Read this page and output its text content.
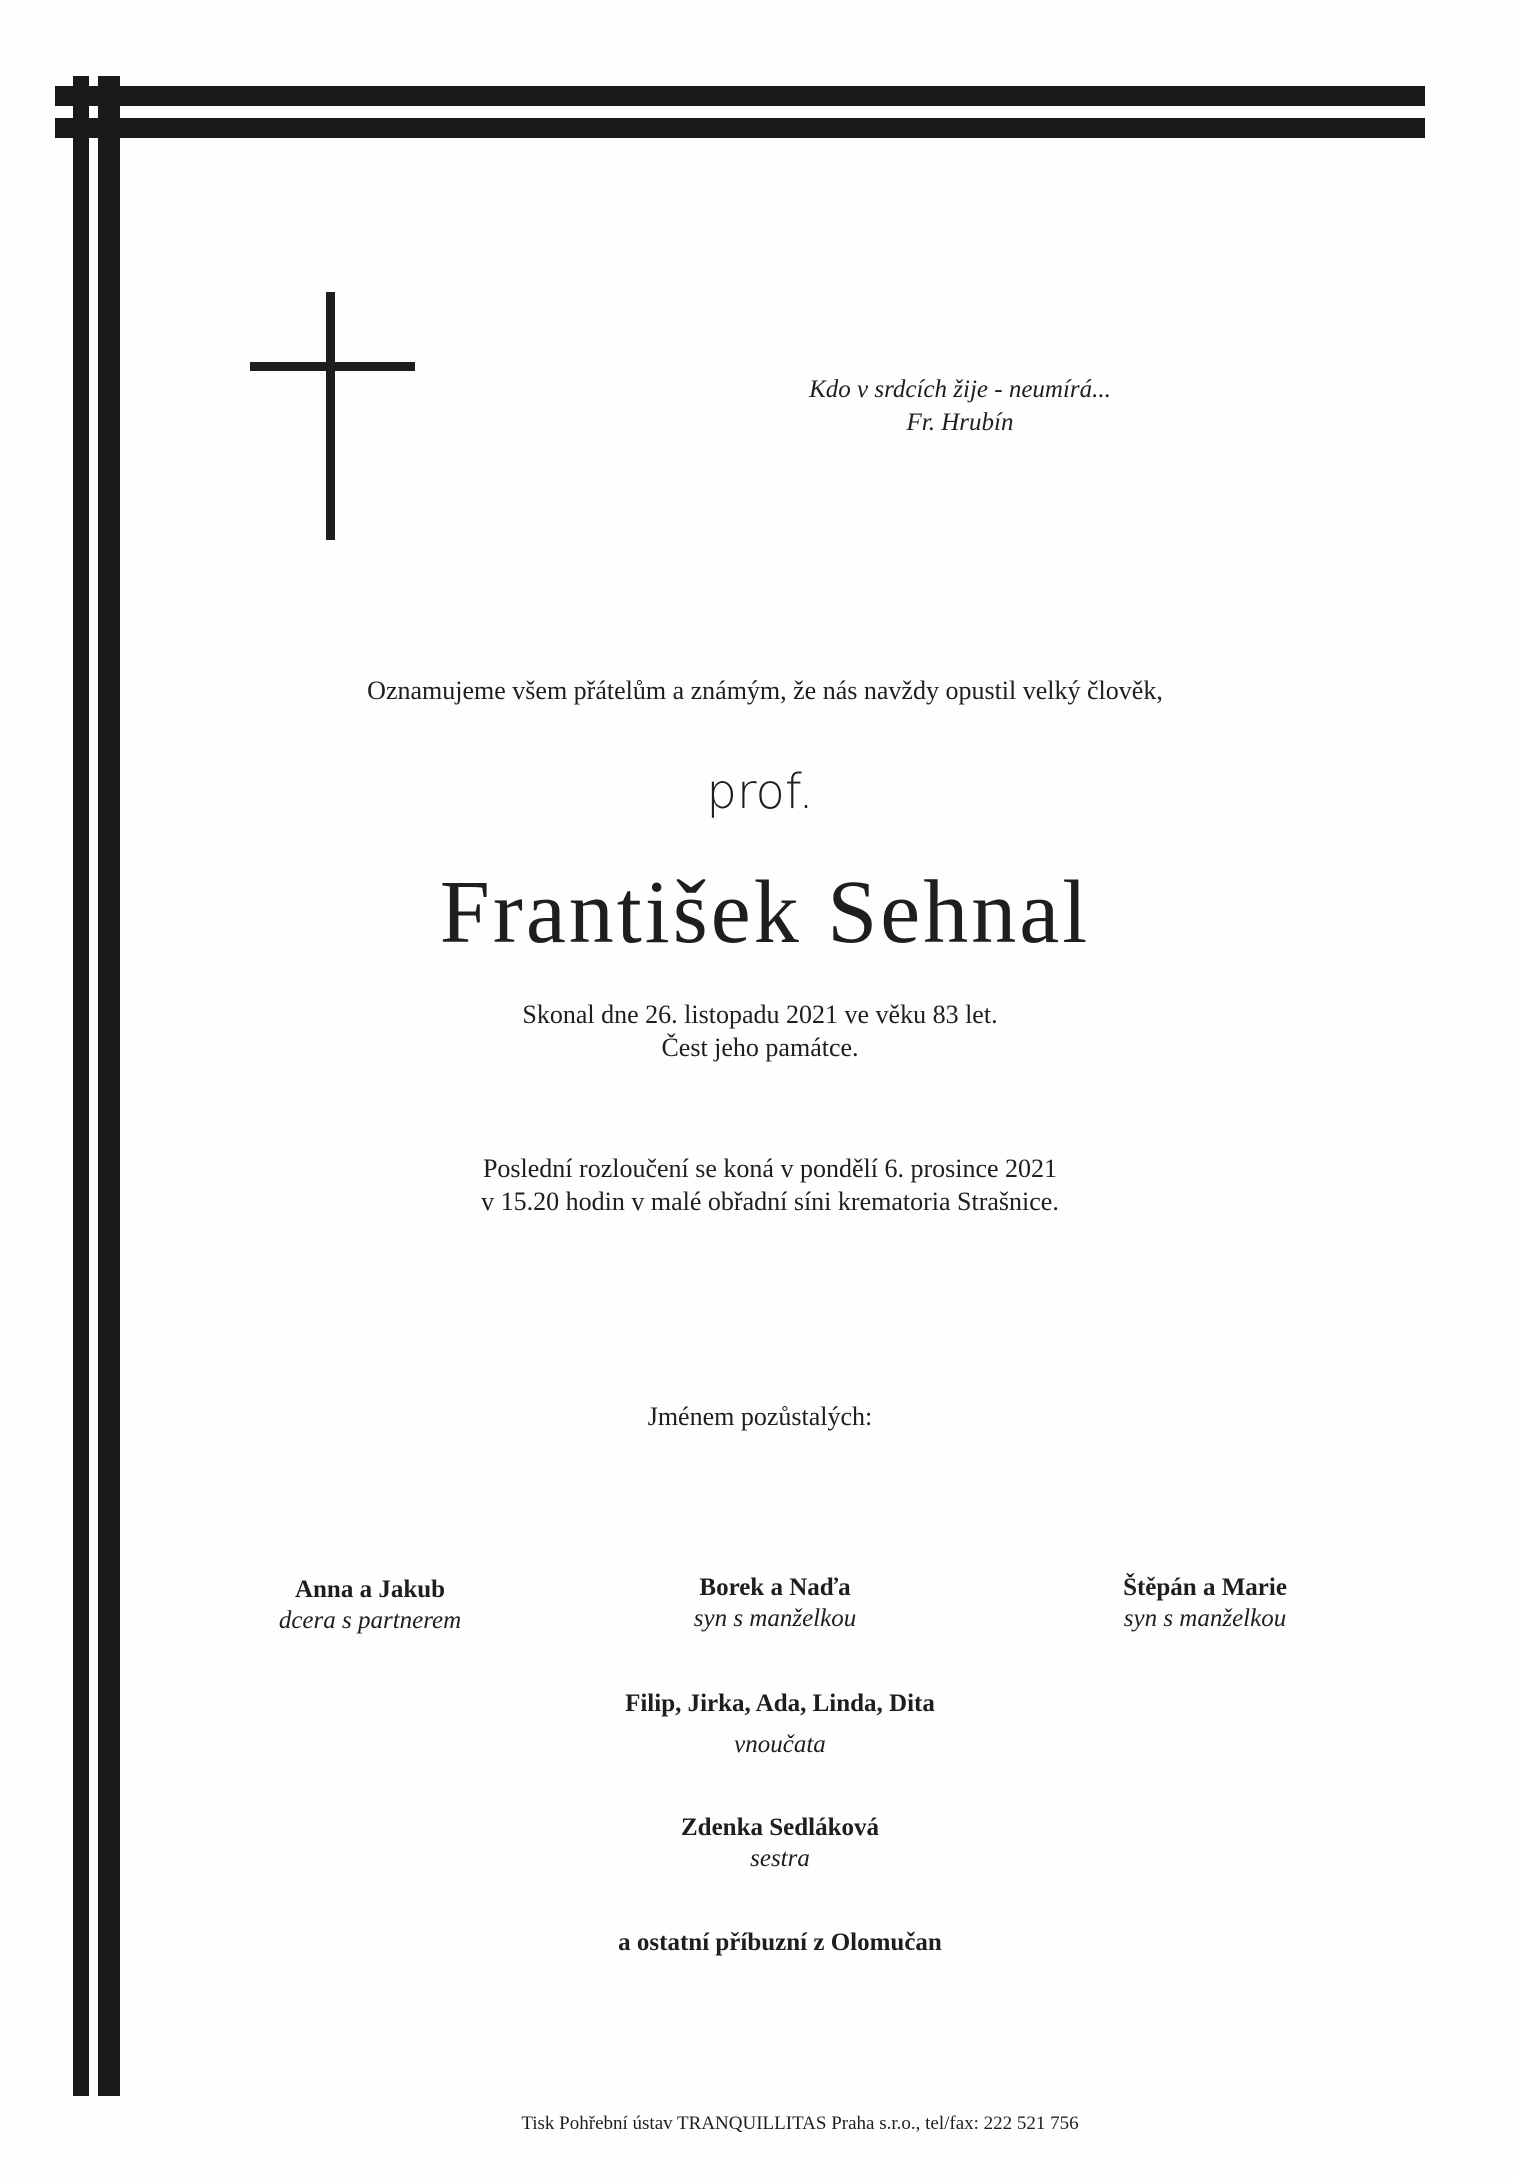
Kdo v srdcích žije - neumírá...
Fr. Hrubín
Oznamujeme všem přátelům a známým, že nás navždy opustil velký člověk,
prof.
František Sehnal
Skonal dne 26. listopadu 2021 ve věku 83 let.
Čest jeho památce.
Poslední rozloučení se koná v pondělí 6. prosince 2021
v 15.20 hodin v malé obřadní síni krematoria Strašnice.
Jménem pozůstalých:
Anna a Jakub
dcera s partnerem
Borek a Naďa
syn s manželkou
Štěpán a Marie
syn s manželkou
Filip, Jirka, Ada, Linda, Dita
vnoučata
Zdenka Sedláková
sestra
a ostatní příbuzní z Olomučan
Tisk Pohřební ústav TRANQUILLITAS Praha s.r.o., tel/fax: 222 521 756
